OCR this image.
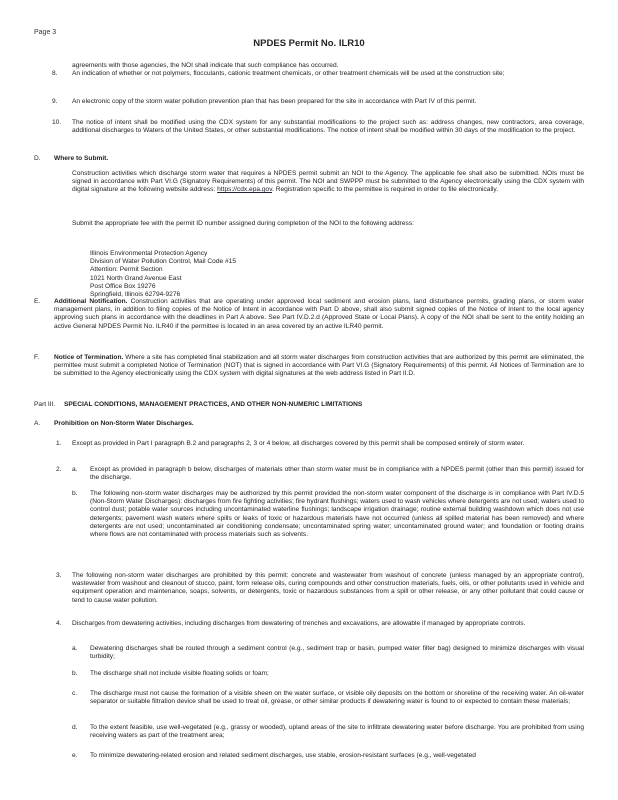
Page 3
NPDES Permit No. ILR10

agreements with those agencies, the NOI shall indicate that such compliance has occurred.

8. An indication of whether or not polymers, flocculants, cationic treatment chemicals, or other treatment chemicals will be used at the construction site;

9. An electronic copy of the storm water pollution prevention plan that has been prepared for the site in accordance with Part IV of this permit.

10. The notice of intent shall be modified using the CDX system for any substantial modifications to the project such as: address changes, new contractors, area coverage, additional discharges to Waters of the United States, or other substantial modifications. The notice of intent shall be modified within 30 days of the modification to the project.

D. Where to Submit.

Construction activities which discharge storm water that requires a NPDES permit submit an NOI to the Agency. The applicable fee shall also be submitted. NOIs must be signed in accordance with Part VI.G (Signatory Requirements) of this permit. The NOI and SWPPP must be submitted to the Agency electronically using the CDX system with digital signature at the following website address: https://cdx.epa.gov. Registration specific to the permittee is required in order to file electronically.

Submit the appropriate fee with the permit ID number assigned during completion of the NOI to the following address:

Illinois Environmental Protection Agency
Division of Water Pollution Control, Mail Code #15
Attention: Permit Section
1021 North Grand Avenue East
Post Office Box 19276
Springfield, Illinois 62794-9276
E. Additional Notification. Construction activities that are operating under approved local sediment and erosion plans, land disturbance permits, grading plans, or storm water management plans, in addition to filing copies of the Notice of Intent in accordance with Part D above, shall also submit signed copies of the Notice of Intent to the local agency approving such plans in accordance with the deadlines in Part A above. See Part IV.D.2.d (Approved State or Local Plans). A copy of the NOI shall be sent to the entity holding an active General NPDES Permit No. ILR40 if the permittee is located in an area covered by an active ILR40 permit.

F. Notice of Termination. Where a site has completed final stabilization and all storm water discharges from construction activities that are authorized by this permit are eliminated, the permittee must submit a completed Notice of Termination (NOT) that is signed in accordance with Part VI.G (Signatory Requirements) of this permit. All Notices of Termination are to be submitted to the Agency electronically using the CDX system with digital signatures at the web address listed in Part II.D.

Part III. SPECIAL CONDITIONS, MANAGEMENT PRACTICES, AND OTHER NON-NUMERIC LIMITATIONS
A. Prohibition on Non-Storm Water Discharges.
1. Except as provided in Part I paragraph B.2 and paragraphs 2, 3 or 4 below, all discharges covered by this permit shall be composed entirely of storm water.

2. a. Except as provided in paragraph b below, discharges of materials other than storm water must be in compliance with a NPDES permit (other than this permit) issued for the discharge.

b. The following non-storm water discharges may be authorized by this permit provided the non-storm water component of the discharge is in compliance with Part IV.D.5 (Non-Storm Water Discharges): discharges from fire fighting activities; fire hydrant flushings; waters used to wash vehicles where detergents are not used; waters used to control dust; potable water sources including uncontaminated waterline flushings; landscape irrigation drainage; routine external building washdown which does not use detergents; pavement wash waters where spills or leaks of toxic or hazardous materials have not occurred (unless all spilled material has been removed) and where detergents are not used; uncontaminated air conditioning condensate; uncontaminated spring water; uncontaminated ground water; and foundation or footing drains where flows are not contaminated with process materials such as solvents.

3. The following non-storm water discharges are prohibited by this permit: concrete and wastewater from washout of concrete (unless managed by an appropriate control), wastewater from washout and cleanout of stucco, paint, form release oils, curing compounds and other construction materials, fuels, oils, or other pollutants used in vehicle and equipment operation and maintenance, soaps, solvents, or detergents, toxic or hazardous substances from a spill or other release, or any other pollutant that could cause or tend to cause water pollution.

4. Discharges from dewatering activities, including discharges from dewatering of trenches and excavations, are allowable if managed by appropriate controls.

a. Dewatering discharges shall be routed through a sediment control (e.g., sediment trap or basin, pumped water filter bag) designed to minimize discharges with visual turbidity;

b. The discharge shall not include visible floating solids or foam;

c. The discharge must not cause the formation of a visible sheen on the water surface, or visible oily deposits on the bottom or shoreline of the receiving water. An oil-water separator or suitable filtration device shall be used to treat oil, grease, or other similar products if dewatering water is found to or expected to contain these materials;

d. To the extent feasible, use well-vegetated (e.g., grassy or wooded), upland areas of the site to infiltrate dewatering water before discharge. You are prohibited from using receiving waters as part of the treatment area;

e. To minimize dewatering-related erosion and related sediment discharges, use stable, erosion-resistant surfaces (e.g., well-vegetated
